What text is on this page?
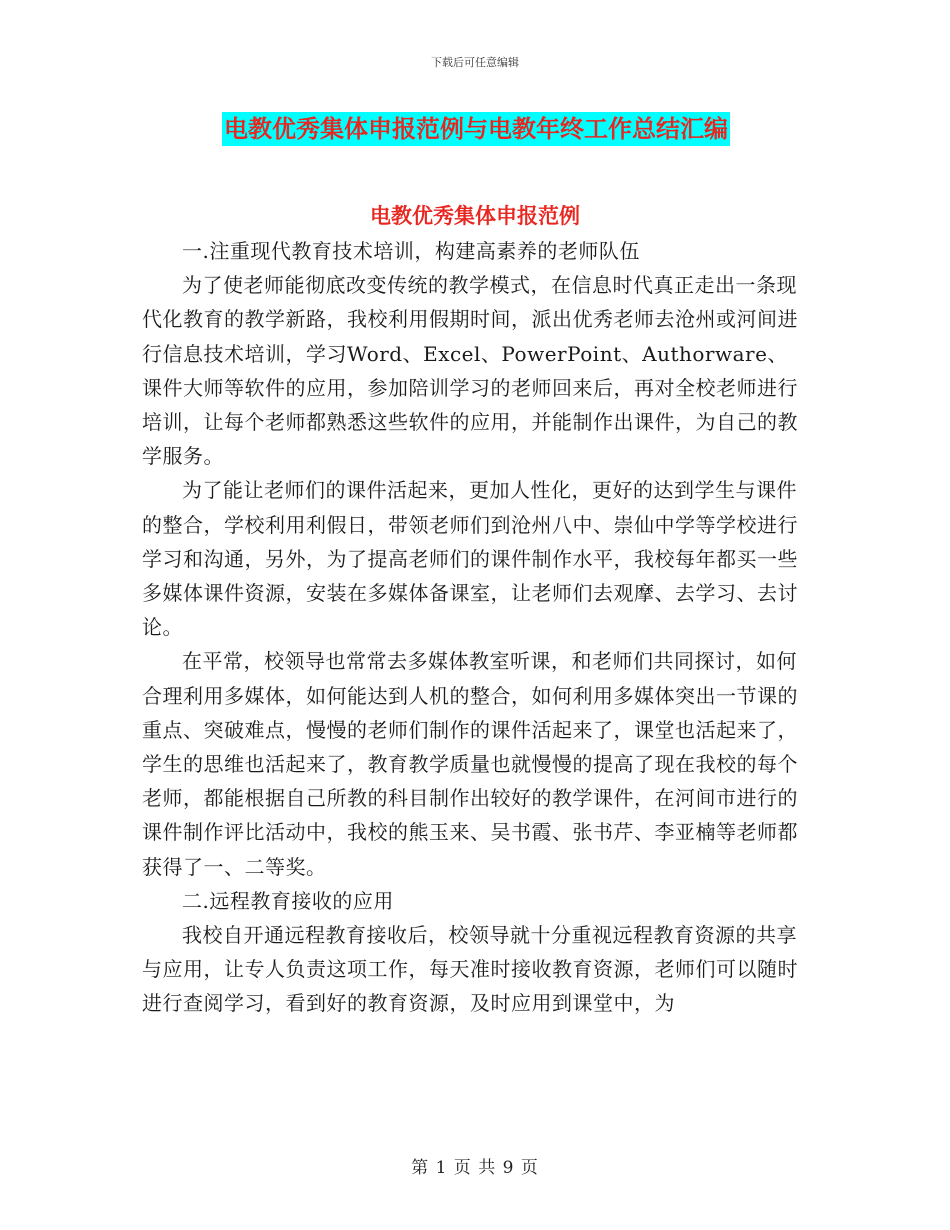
下载后可任意编辑
电教优秀集体申报范例与电教年终工作总结汇编
电教优秀集体申报范例

一.注重现代教育技术培训，构建高素养的老师队伍

为了使老师能彻底改变传统的教学模式，在信息时代真正走出一条现代化教育的教学新路，我校利用假期时间，派出优秀老师去沧州或河间进行信息技术培训，学习Word、Excel、PowerPoint、Authorware、课件大师等软件的应用，参加陪训学习的老师回来后，再对全校老师进行培训，让每个老师都熟悉这些软件的应用，并能制作出课件，为自己的教学服务。

为了能让老师们的课件活起来，更加人性化，更好的达到学生与课件的整合，学校利用利假日，带领老师们到沧州八中、崇仙中学等学校进行学习和沟通，另外，为了提高老师们的课件制作水平，我校每年都买一些多媒体课件资源，安装在多媒体备课室，让老师们去观摩、去学习、去讨论。

在平常，校领导也常常去多媒体教室听课，和老师们共同探讨，如何合理利用多媒体，如何能达到人机的整合，如何利用多媒体突出一节课的重点、突破难点，慢慢的老师们制作的课件活起来了，课堂也活起来了，学生的思维也活起来了，教育教学质量也就慢慢的提高了现在我校的每个老师，都能根据自己所教的科目制作出较好的教学课件，在河间市进行的课件制作评比活动中，我校的熊玉来、吴书霞、张书芹、李亚楠等老师都获得了一、二等奖。

二.远程教育接收的应用

我校自开通远程教育接收后，校领导就十分重视远程教育资源的共享与应用，让专人负责这项工作，每天准时接收教育资源，老师们可以随时进行查阅学习，看到好的教育资源，及时应用到课堂中，为

第 1 页 共 9 页
